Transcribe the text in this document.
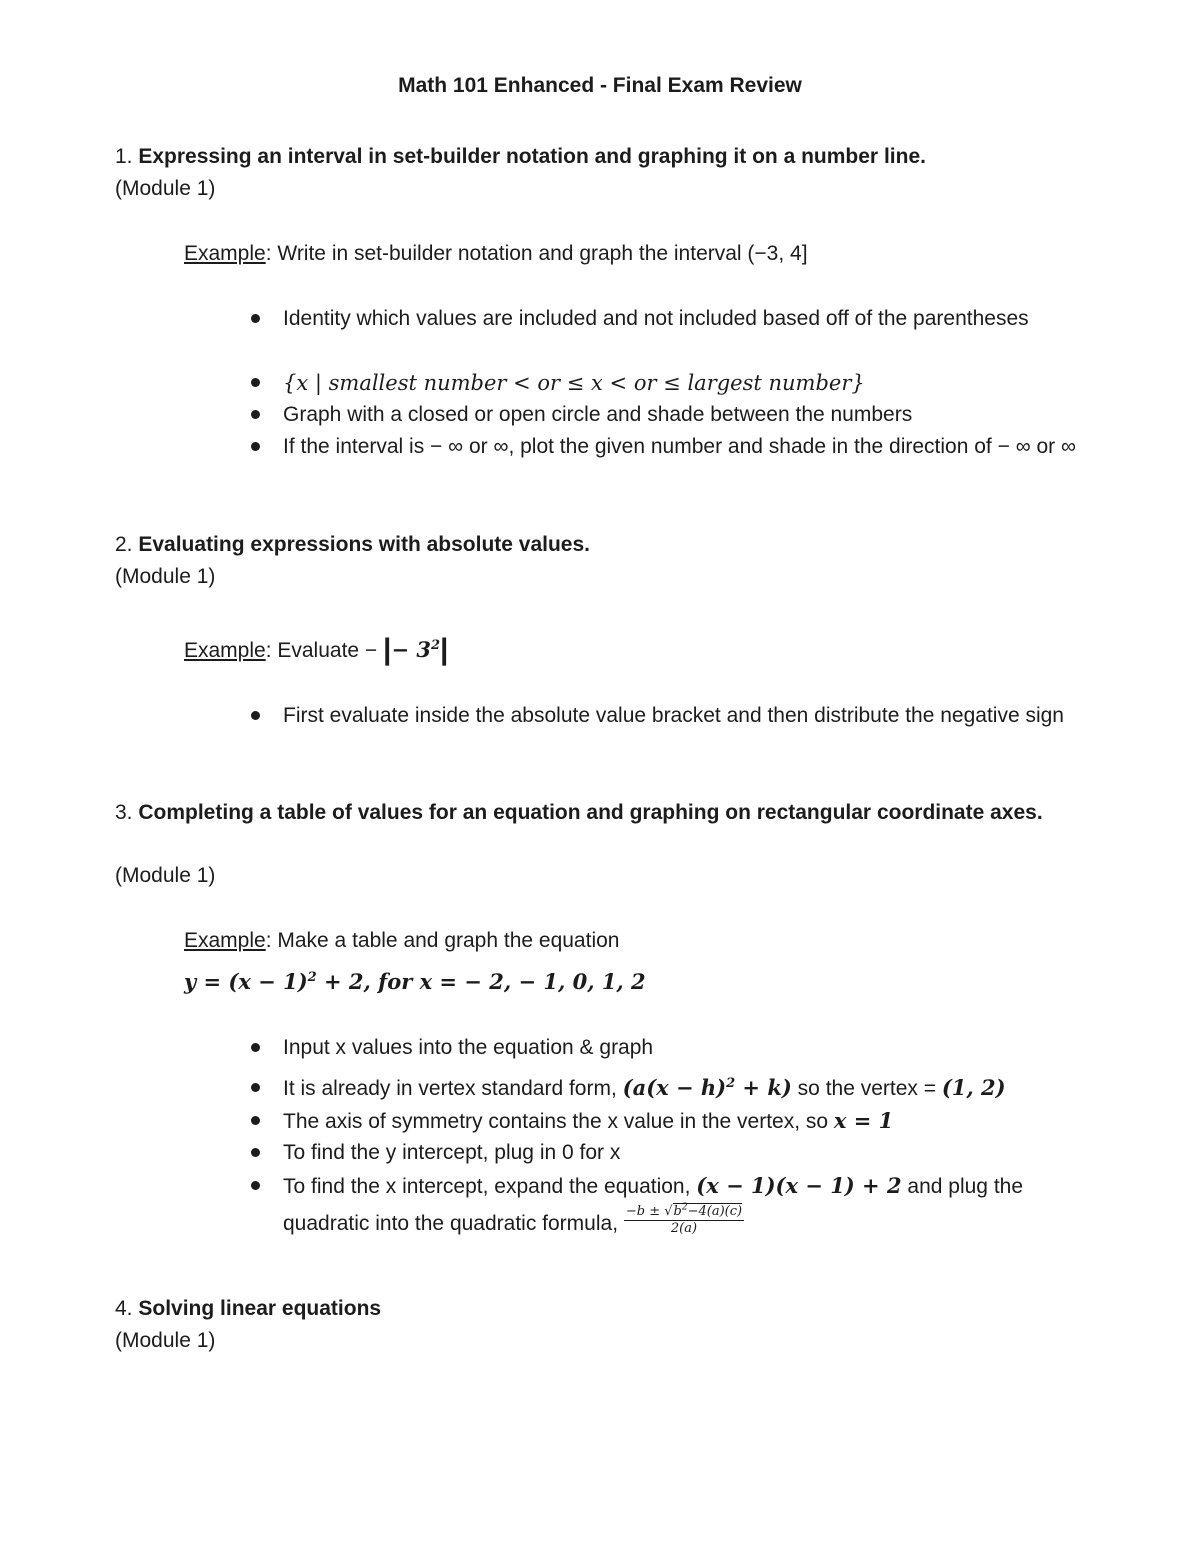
Math 101 Enhanced - Final Exam Review
1. Expressing an interval in set-builder notation and graphing it on a number line.
(Module 1)
Example: Write in set-builder notation and graph the interval (−3, 4]
Identity which values are included and not included based off of the parentheses
{x | smallest number < or ≤ x < or ≤ largest number}
Graph with a closed or open circle and shade between the numbers
If the interval is − ∞ or ∞, plot the given number and shade in the direction of − ∞ or ∞
2. Evaluating expressions with absolute values.
(Module 1)
Example: Evaluate − |− $3^2|$
First evaluate inside the absolute value bracket and then distribute the negative sign
3. Completing a table of values for an equation and graphing on rectangular coordinate axes.
(Module 1)
Example: Make a table and graph the equation
$y = (x - 1)^2 + 2$, for x = − 2, − 1, 0, 1, 2
Input x values into the equation & graph
It is already in vertex standard form, $(a(x - h)^2 + k)$ so the vertex = (1, 2)
The axis of symmetry contains the x value in the vertex, so x = 1
To find the y intercept, plug in 0 for x
To find the x intercept, expand the equation, (x − 1)(x − 1) + 2 and plug the
quadratic into the quadratic formula, $\frac{-b \pm √b^2-4(a)(c)}{2(a)}$
4. Solving linear equations
(Module 1)
